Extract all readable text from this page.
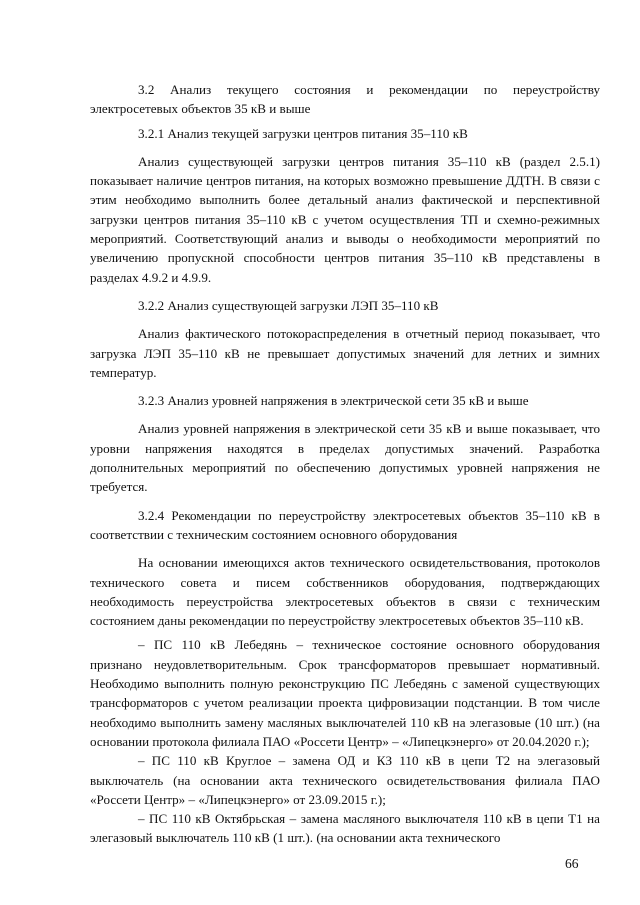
3.2 Анализ текущего состояния и рекомендации по переустройству электросетевых объектов 35 кВ и выше

3.2.1 Анализ текущей загрузки центров питания 35–110 кВ

Анализ существующей загрузки центров питания 35–110 кВ (раздел 2.5.1) показывает наличие центров питания, на которых возможно превышение ДДТН. В связи с этим необходимо выполнить более детальный анализ фактической и перспективной загрузки центров питания 35–110 кВ с учетом осуществления ТП и схемно-режимных мероприятий. Соответствующий анализ и выводы о необходимости мероприятий по увеличению пропускной способности центров питания 35–110 кВ представлены в разделах 4.9.2 и 4.9.9.

3.2.2 Анализ существующей загрузки ЛЭП 35–110 кВ

Анализ фактического потокораспределения в отчетный период показывает, что загрузка ЛЭП 35–110 кВ не превышает допустимых значений для летних и зимних температур.

3.2.3 Анализ уровней напряжения в электрической сети 35 кВ и выше

Анализ уровней напряжения в электрической сети 35 кВ и выше показывает, что уровни напряжения находятся в пределах допустимых значений. Разработка дополнительных мероприятий по обеспечению допустимых уровней напряжения не требуется.

3.2.4 Рекомендации по переустройству электросетевых объектов 35–110 кВ в соответствии с техническим состоянием основного оборудования

На основании имеющихся актов технического освидетельствования, протоколов технического совета и писем собственников оборудования, подтверждающих необходимость переустройства электросетевых объектов в связи с техническим состоянием даны рекомендации по переустройству электросетевых объектов 35–110 кВ.

– ПС 110 кВ Лебедянь – техническое состояние основного оборудования признано неудовлетворительным. Срок трансформаторов превышает нормативный. Необходимо выполнить полную реконструкцию ПС Лебедянь с заменой существующих трансформаторов с учетом реализации проекта цифровизации подстанции. В том числе необходимо выполнить замену масляных выключателей 110 кВ на элегазовые (10 шт.) (на основании протокола филиала ПАО «Россети Центр» – «Липецкэнерго» от 20.04.2020 г.);

– ПС 110 кВ Круглое – замена ОД и КЗ 110 кВ в цепи Т2 на элегазовый выключатель (на основании акта технического освидетельствования филиала ПАО «Россети Центр» – «Липецкэнерго» от 23.09.2015 г.);

– ПС 110 кВ Октябрьская – замена масляного выключателя 110 кВ в цепи Т1 на элегазовый выключатель 110 кВ (1 шт.). (на основании акта технического

66
